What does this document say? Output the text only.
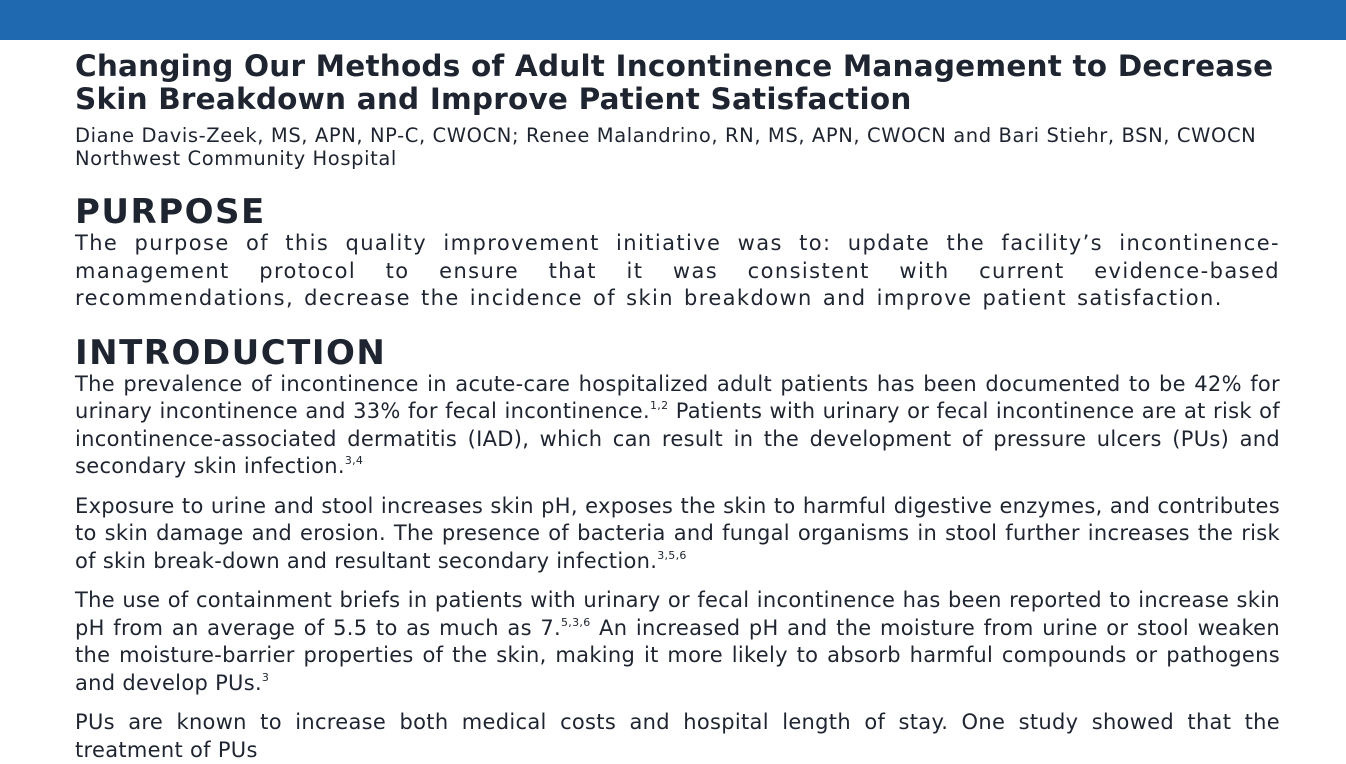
Changing Our Methods of Adult Incontinence Management to Decrease Skin Breakdown and Improve Patient Satisfaction

Diane Davis-Zeek, MS, APN, NP-C, CWOCN; Renee Malandrino, RN, MS, APN, CWOCN and Bari Stiehr, BSN, CWOCN

Northwest Community Hospital

PURPOSE

The purpose of this quality improvement initiative was to: update the facility’s incontinence-management protocol to ensure that it was consistent with current evidence-based recommendations, decrease the incidence of skin breakdown and improve patient satisfaction.

INTRODUCTION

The prevalence of incontinence in acute-care hospitalized adult patients has been documented to be 42% for urinary incontinence and 33% for fecal incontinence.$^{1,2}$ Patients with urinary or fecal incontinence are at risk of incontinence-associated dermatitis (IAD), which can result in the development of pressure ulcers (PUs) and secondary skin infection.$^{3,4}$

Exposure to urine and stool increases skin pH, exposes the skin to harmful digestive enzymes, and contributes to skin damage and erosion. The presence of bacteria and fungal organisms in stool further increases the risk of skin break-down and resultant secondary infection.$^{3,5,6}$

The use of containment briefs in patients with urinary or fecal incontinence has been reported to increase skin pH from an average of 5.5 to as much as 7.$^{5,3,6}$ An increased pH and the moisture from urine or stool weaken the moisture-barrier properties of the skin, making it more likely to absorb harmful compounds or pathogens and develop PUs.$^3$

PUs are known to increase both medical costs and hospital length of stay. One study showed that the treatment of PUs
